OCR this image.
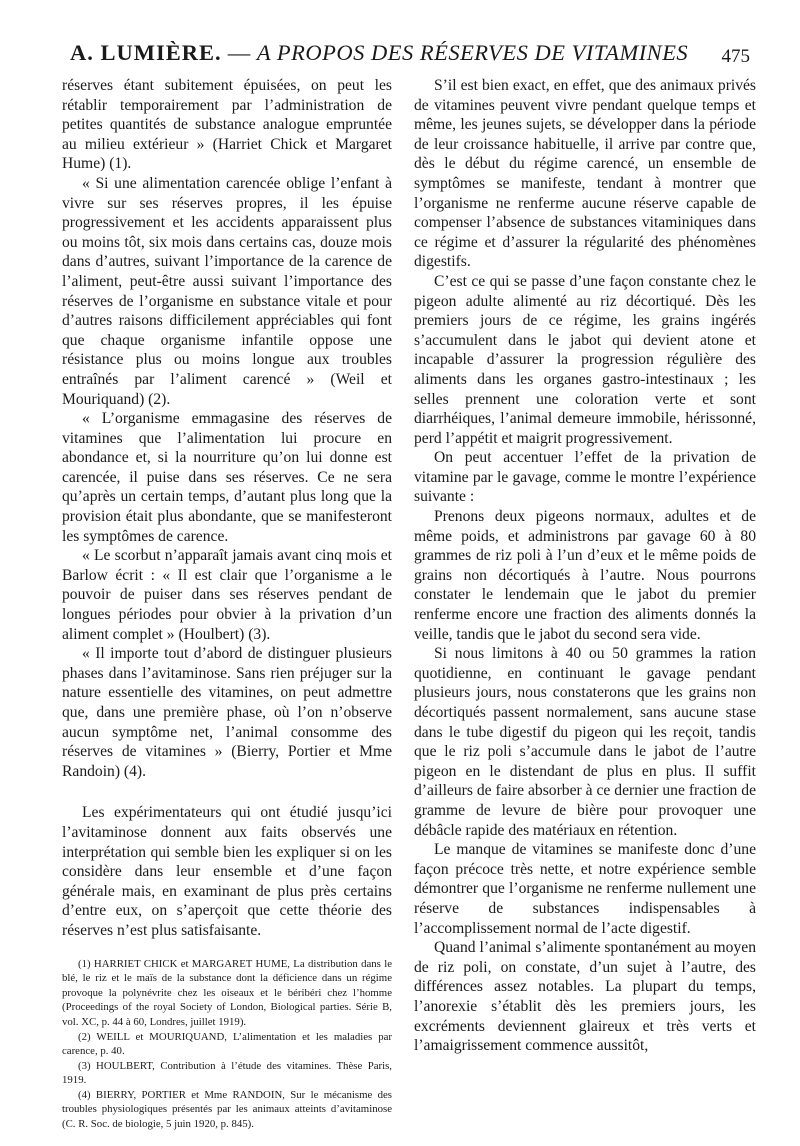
A. LUMIÈRE. — A PROPOS DES RÉSERVES DE VITAMINES 475

réserves étant subitement épuisées, on peut les rétablir temporairement par l’administration de petites quantités de substance analogue empruntée au milieu extérieur » (Harriet Chick et Margaret Hume) (1).

« Si une alimentation carencée oblige l’enfant à vivre sur ses réserves propres, il les épuise progressivement et les accidents apparaissent plus ou moins tôt, six mois dans certains cas, douze mois dans d’autres, suivant l’importance de la carence de l’aliment, peut-être aussi suivant l’importance des réserves de l’organisme en substance vitale et pour d’autres raisons difficilement appréciables qui font que chaque organisme infantile oppose une résistance plus ou moins longue aux troubles entraînés par l’aliment carencé » (Weil et Mouriquand) (2).

« L’organisme emmagasine des réserves de vitamines que l’alimentation lui procure en abondance et, si la nourriture qu’on lui donne est carencée, il puise dans ses réserves. Ce ne sera qu’après un certain temps, d’autant plus long que la provision était plus abondante, que se manifesteront les symptômes de carence.

« Le scorbut n’apparaît jamais avant cinq mois et Barlow écrit : « Il est clair que l’organisme a le pouvoir de puiser dans ses réserves pendant de longues périodes pour obvier à la privation d’un aliment complet » (Houlbert) (3).

« Il importe tout d’abord de distinguer plusieurs phases dans l’avitaminose. Sans rien préjuger sur la nature essentielle des vitamines, on peut admettre que, dans une première phase, où l’on n’observe aucun symptôme net, l’animal consomme des réserves de vitamines » (Bierry, Portier et Mme Randoin) (4).

Les expérimentateurs qui ont étudié jusqu’ici l’avitaminose donnent aux faits observés une interprétation qui semble bien les expliquer si on les considère dans leur ensemble et d’une façon générale mais, en examinant de plus près certains d’entre eux, on s’aperçoit que cette théorie des réserves n’est plus satisfaisante.

(1) HARRIET CHICK et MARGARET HUME, La distribution dans le blé, le riz et le maïs de la substance dont la déficience dans un régime provoque la polynévrite chez les oiseaux et le béribéri chez l’homme (Proceedings of the royal Society of London, Biological parties. Série B, vol. XC, p. 44 à 60, Londres, juillet 1919).

(2) WEILL et MOURIQUAND, L’alimentation et les maladies par carence, p. 40.

(3) HOULBERT, Contribution à l’étude des vitamines. Thèse Paris, 1919.

(4) BIERRY, PORTIER et Mme RANDOIN, Sur le mécanisme des troubles physiologiques présentés par les animaux atteints d’avitaminose (C. R. Soc. de biologie, 5 juin 1920, p. 845).

S’il est bien exact, en effet, que des animaux privés de vitamines peuvent vivre pendant quelque temps et même, les jeunes sujets, se développer dans la période de leur croissance habituelle, il arrive par contre que, dès le début du régime carencé, un ensemble de symptômes se manifeste, tendant à montrer que l’organisme ne renferme aucune réserve capable de compenser l’absence de substances vitaminiques dans ce régime et d’assurer la régularité des phénomènes digestifs.

C’est ce qui se passe d’une façon constante chez le pigeon adulte alimenté au riz décortiqué. Dès les premiers jours de ce régime, les grains ingérés s’accumulent dans le jabot qui devient atone et incapable d’assurer la progression régulière des aliments dans les organes gastro-intestinaux ; les selles prennent une coloration verte et sont diarrhéiques, l’animal demeure immobile, hérissonné, perd l’appétit et maigrit progressivement.

On peut accentuer l’effet de la privation de vitamine par le gavage, comme le montre l’expérience suivante :

Prenons deux pigeons normaux, adultes et de même poids, et administrons par gavage 60 à 80 grammes de riz poli à l’un d’eux et le même poids de grains non décortiqués à l’autre. Nous pourrons constater le lendemain que le jabot du premier renferme encore une fraction des aliments donnés la veille, tandis que le jabot du second sera vide.

Si nous limitons à 40 ou 50 grammes la ration quotidienne, en continuant le gavage pendant plusieurs jours, nous constaterons que les grains non décortiqués passent normalement, sans aucune stase dans le tube digestif du pigeon qui les reçoit, tandis que le riz poli s’accumule dans le jabot de l’autre pigeon en le distendant de plus en plus. Il suffit d’ailleurs de faire absorber à ce dernier une fraction de gramme de levure de bière pour provoquer une débâcle rapide des matériaux en rétention.

Le manque de vitamines se manifeste donc d’une façon précoce très nette, et notre expérience semble démontrer que l’organisme ne renferme nullement une réserve de substances indispensables à l’accomplissement normal de l’acte digestif.

Quand l’animal s’alimente spontanément au moyen de riz poli, on constate, d’un sujet à l’autre, des différences assez notables. La plupart du temps, l’anorexie s’établit dès les premiers jours, les excréments deviennent glaireux et très verts et l’amaigrissement commence aussitôt,
